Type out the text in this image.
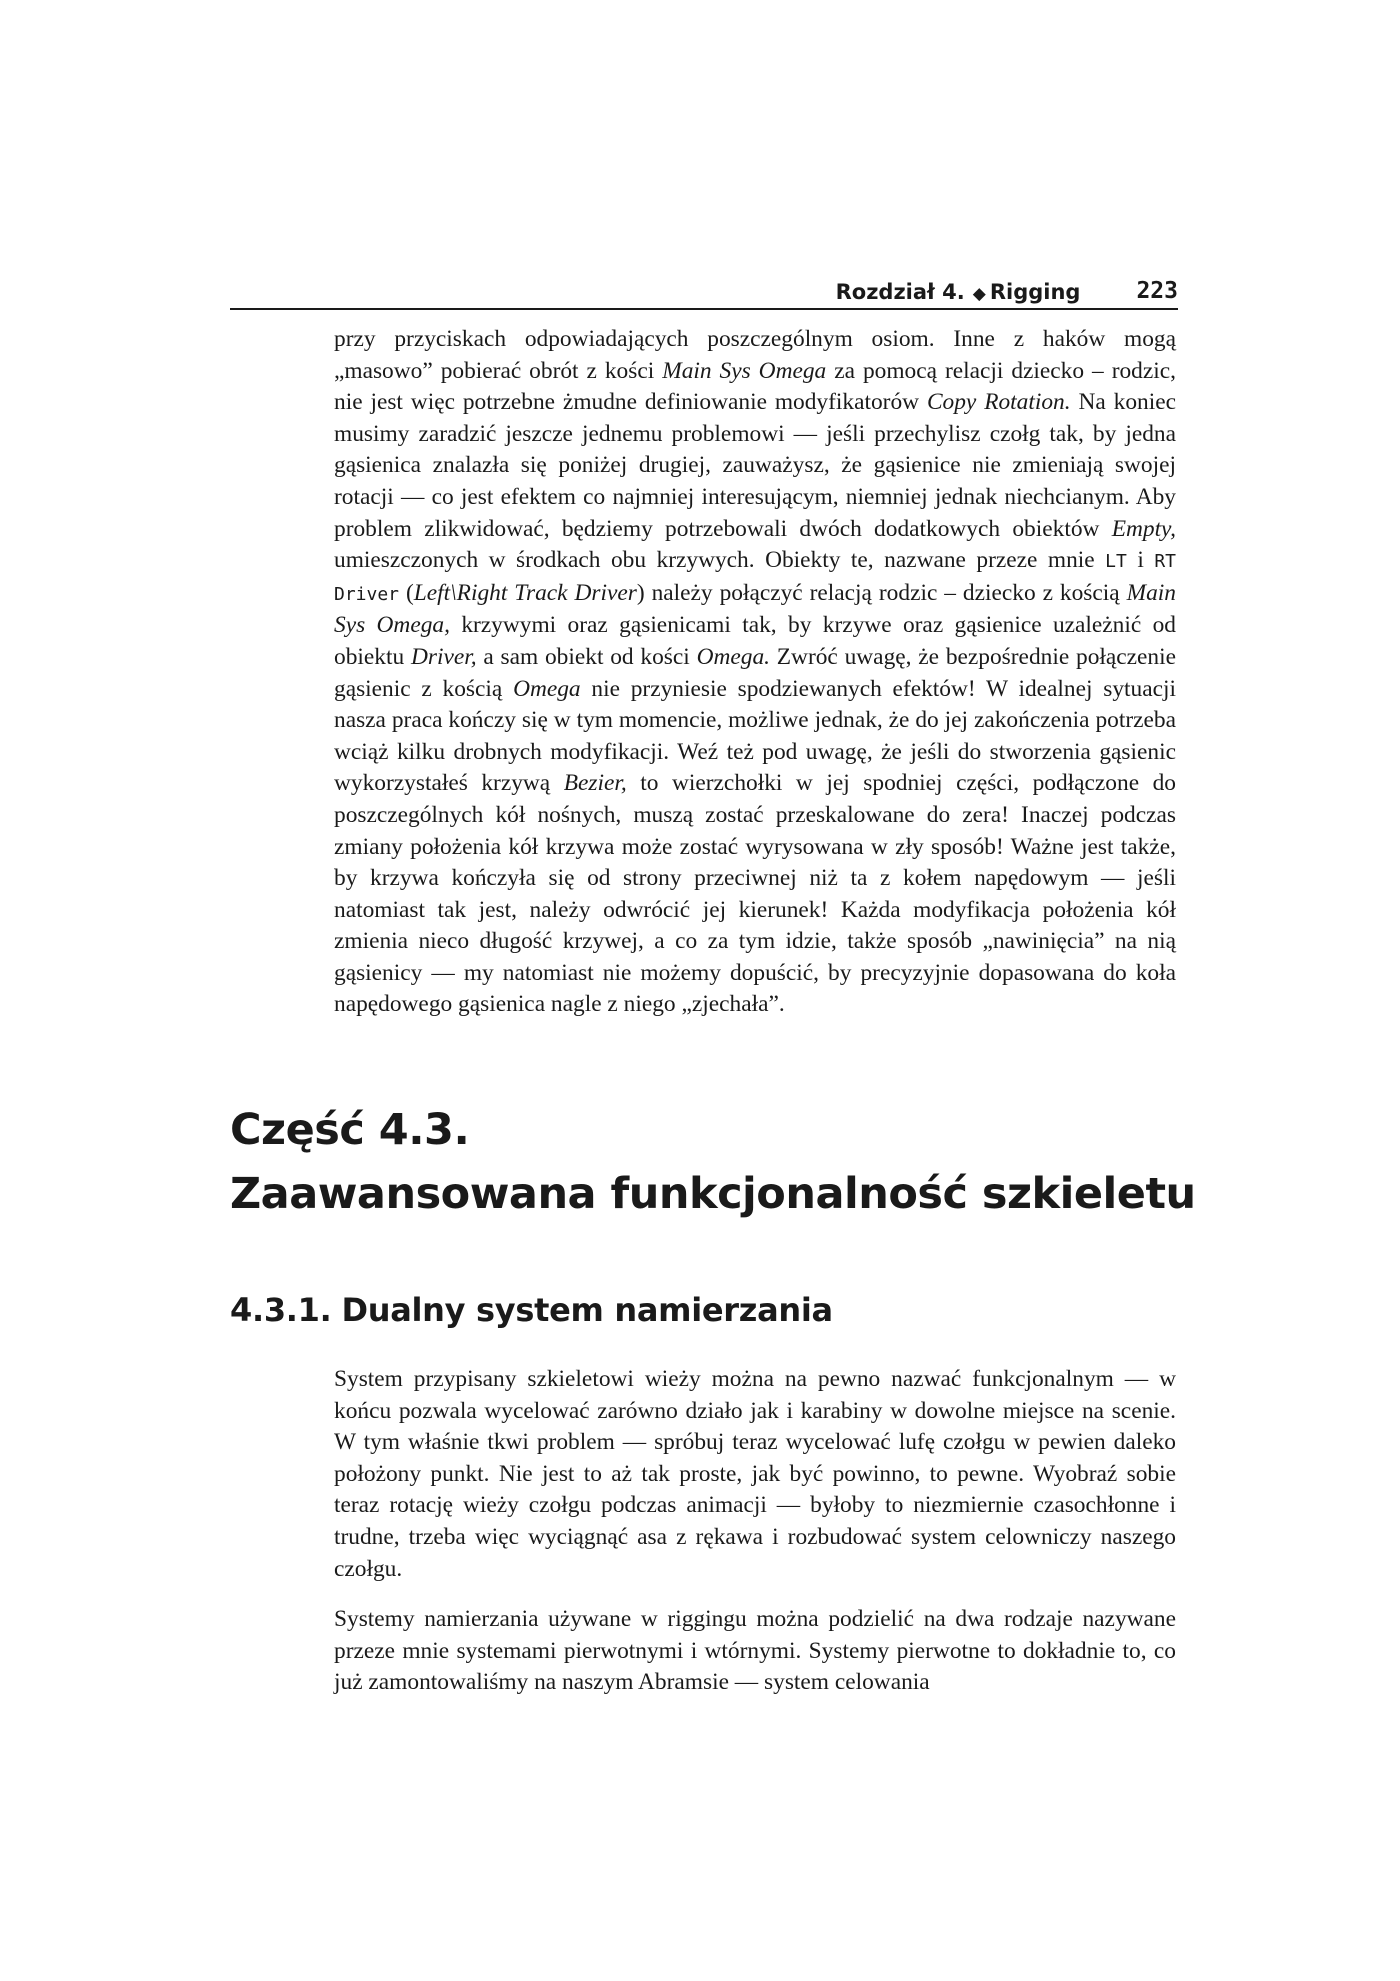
Rozdział 4. ◆ Rigging 223

przy przyciskach odpowiadających poszczególnym osiom. Inne z haków mogą „masowo” pobierać obrót z kości Main Sys Omega za pomocą relacji dziecko – rodzic, nie jest więc potrzebne żmudne definiowanie modyfikatorów Copy Rotation. Na koniec musimy zaradzić jeszcze jednemu problemowi — jeśli przechylisz czołg tak, by jedna gąsienica znalazła się poniżej drugiej, zauważysz, że gąsienice nie zmieniają swojej rotacji — co jest efektem co najmniej interesującym, niemniej jednak niechcianym. Aby problem zlikwidować, będziemy potrzebowali dwóch dodatkowych obiektów Empty, umieszczonych w środkach obu krzywych. Obiekty te, nazwane przeze mnie LT i RT Driver (Left\Right Track Driver) należy połączyć relacją rodzic – dziecko z kością Main Sys Omega, krzywymi oraz gąsienicami tak, by krzywe oraz gąsienice uzależnić od obiektu Driver, a sam obiekt od kości Omega. Zwróć uwagę, że bezpośrednie połączenie gąsienic z kością Omega nie przyniesie spodziewanych efektów! W idealnej sytuacji nasza praca kończy się w tym momencie, możliwe jednak, że do jej zakończenia potrzeba wciąż kilku drobnych modyfikacji. Weź też pod uwagę, że jeśli do stworzenia gąsienic wykorzystałeś krzywą Bezier, to wierzchołki w jej spodniej części, podłączone do poszczególnych kół nośnych, muszą zostać przeskalowane do zera! Inaczej podczas zmiany położenia kół krzywa może zostać wyrysowana w zły sposób! Ważne jest także, by krzywa kończyła się od strony przeciwnej niż ta z kołem napędowym — jeśli natomiast tak jest, należy odwrócić jej kierunek! Każda modyfikacja położenia kół zmienia nieco długość krzywej, a co za tym idzie, także sposób „nawinięcia” na nią gąsienicy — my natomiast nie możemy dopuścić, by precyzyjnie dopasowana do koła napędowego gąsienica nagle z niego „zjechała”.

Część 4.3.
Zaawansowana funkcjonalność szkieletu
4.3.1. Dualny system namierzania

System przypisany szkieletowi wieży można na pewno nazwać funkcjonalnym — w końcu pozwala wycelować zarówno działo jak i karabiny w dowolne miejsce na scenie. W tym właśnie tkwi problem — spróbuj teraz wycelować lufę czołgu w pewien daleko położony punkt. Nie jest to aż tak proste, jak być powinno, to pewne. Wyobraź sobie teraz rotację wieży czołgu podczas animacji — byłoby to niezmiernie czasochłonne i trudne, trzeba więc wyciągnąć asa z rękawa i rozbudować system celowniczy naszego czołgu.

Systemy namierzania używane w riggingu można podzielić na dwa rodzaje nazywane przeze mnie systemami pierwotnymi i wtórnymi. Systemy pierwotne to dokładnie to, co już zamontowaliśmy na naszym Abramsie — system celowania
